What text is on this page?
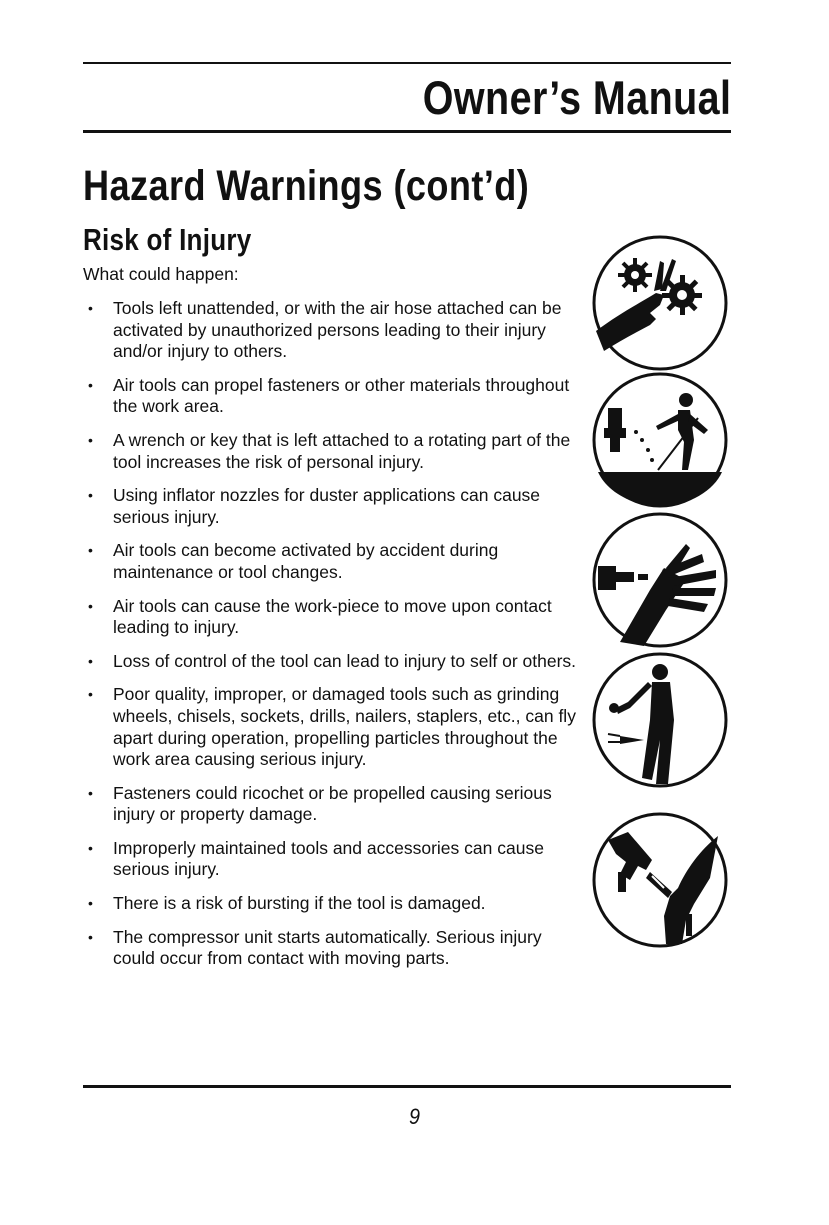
Owner’s Manual
Hazard Warnings (cont’d)
Risk of Injury

What could happen:

• Tools left unattended, or with the air hose attached can be activated by unauthorized persons leading to their injury and/or injury to others.
• Air tools can propel fasteners or other materials throughout the work area.
• A wrench or key that is left attached to a rotating part of the tool increases the risk of personal injury.
• Using inflator nozzles for duster applications can cause serious injury.
• Air tools can become activated by accident during maintenance or tool changes.
• Air tools can cause the work-piece to move upon contact leading to injury.
• Loss of control of the tool can lead to injury to self or others.
• Poor quality, improper, or damaged tools such as grinding wheels, chisels, sockets, drills, nailers, staplers, etc., can fly apart during operation, propelling particles throughout the work area causing serious injury.
• Fasteners could ricochet or be propelled causing serious injury or property damage.
• Improperly maintained tools and accessories can cause serious injury.
• There is a risk of bursting if the tool is damaged.
• The compressor unit starts automatically. Serious injury could occur from contact with moving parts.
9
